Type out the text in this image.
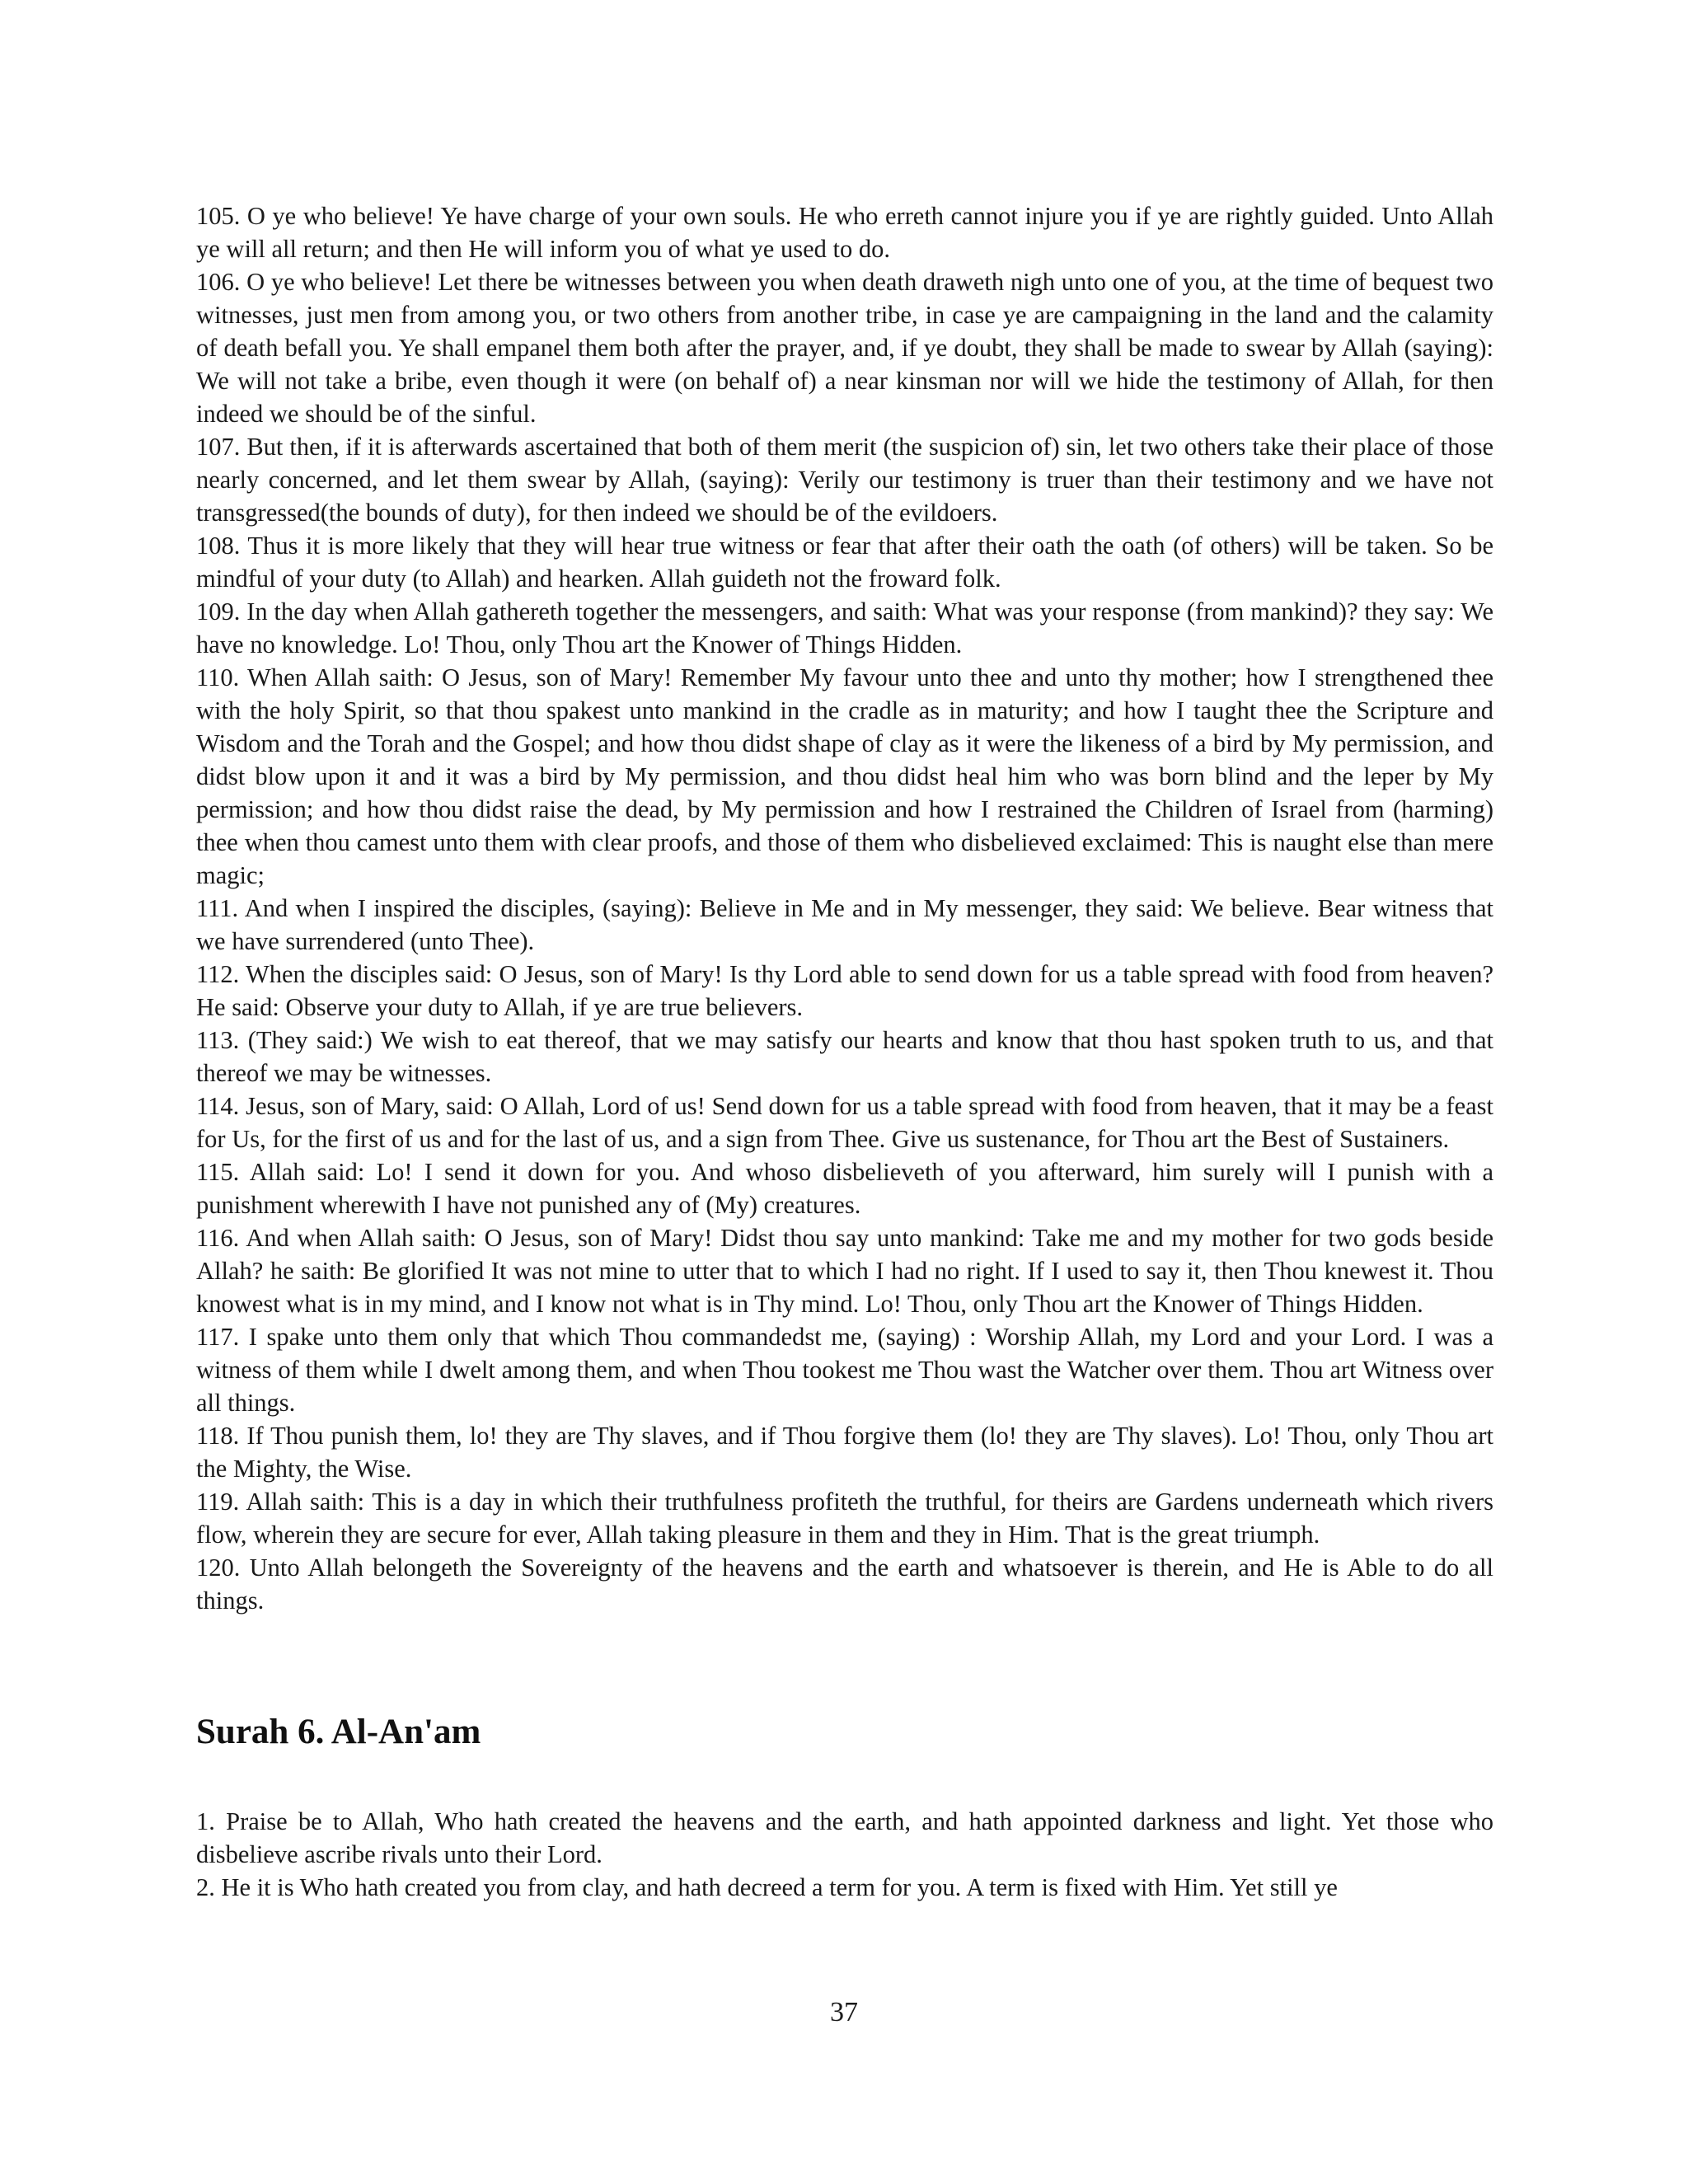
105. O ye who believe! Ye have charge of your own souls. He who erreth cannot injure you if ye are rightly guided. Unto Allah ye will all return; and then He will inform you of what ye used to do.

106. O ye who believe! Let there be witnesses between you when death draweth nigh unto one of you, at the time of bequest two witnesses, just men from among you, or two others from another tribe, in case ye are campaigning in the land and the calamity of death befall you. Ye shall empanel them both after the prayer, and, if ye doubt, they shall be made to swear by Allah (saying): We will not take a bribe, even though it were (on behalf of) a near kinsman nor will we hide the testimony of Allah, for then indeed we should be of the sinful.

107. But then, if it is afterwards ascertained that both of them merit (the suspicion of) sin, let two others take their place of those nearly concerned, and let them swear by Allah, (saying): Verily our testimony is truer than their testimony and we have not transgressed(the bounds of duty), for then indeed we should be of the evildoers.

108. Thus it is more likely that they will hear true witness or fear that after their oath the oath (of others) will be taken. So be mindful of your duty (to Allah) and hearken. Allah guideth not the froward folk.

109. In the day when Allah gathereth together the messengers, and saith: What was your response (from mankind)? they say: We have no knowledge. Lo! Thou, only Thou art the Knower of Things Hidden.

110. When Allah saith: O Jesus, son of Mary! Remember My favour unto thee and unto thy mother; how I strengthened thee with the holy Spirit, so that thou spakest unto mankind in the cradle as in maturity; and how I taught thee the Scripture and Wisdom and the Torah and the Gospel; and how thou didst shape of clay as it were the likeness of a bird by My permission, and didst blow upon it and it was a bird by My permission, and thou didst heal him who was born blind and the leper by My permission; and how thou didst raise the dead, by My permission and how I restrained the Children of Israel from (harming) thee when thou camest unto them with clear proofs, and those of them who disbelieved exclaimed: This is naught else than mere magic;

111. And when I inspired the disciples, (saying): Believe in Me and in My messenger, they said: We believe. Bear witness that we have surrendered (unto Thee).

112. When the disciples said: O Jesus, son of Mary! Is thy Lord able to send down for us a table spread with food from heaven? He said: Observe your duty to Allah, if ye are true believers.

113. (They said:) We wish to eat thereof, that we may satisfy our hearts and know that thou hast spoken truth to us, and that thereof we may be witnesses.

114. Jesus, son of Mary, said: O Allah, Lord of us! Send down for us a table spread with food from heaven, that it may be a feast for Us, for the first of us and for the last of us, and a sign from Thee. Give us sustenance, for Thou art the Best of Sustainers.

115. Allah said: Lo! I send it down for you. And whoso disbelieveth of you afterward, him surely will I punish with a punishment wherewith I have not punished any of (My) creatures.

116. And when Allah saith: O Jesus, son of Mary! Didst thou say unto mankind: Take me and my mother for two gods beside Allah? he saith: Be glorified It was not mine to utter that to which I had no right. If I used to say it, then Thou knewest it. Thou knowest what is in my mind, and I know not what is in Thy mind. Lo! Thou, only Thou art the Knower of Things Hidden.

117. I spake unto them only that which Thou commandedst me, (saying) : Worship Allah, my Lord and your Lord. I was a witness of them while I dwelt among them, and when Thou tookest me Thou wast the Watcher over them. Thou art Witness over all things.

118. If Thou punish them, lo! they are Thy slaves, and if Thou forgive them (lo! they are Thy slaves). Lo! Thou, only Thou art the Mighty, the Wise.

119. Allah saith: This is a day in which their truthfulness profiteth the truthful, for theirs are Gardens underneath which rivers flow, wherein they are secure for ever, Allah taking pleasure in them and they in Him. That is the great triumph.

120. Unto Allah belongeth the Sovereignty of the heavens and the earth and whatsoever is therein, and He is Able to do all things.

Surah 6. Al-An'am

1. Praise be to Allah, Who hath created the heavens and the earth, and hath appointed darkness and light. Yet those who disbelieve ascribe rivals unto their Lord.

2. He it is Who hath created you from clay, and hath decreed a term for you. A term is fixed with Him. Yet still ye

37
